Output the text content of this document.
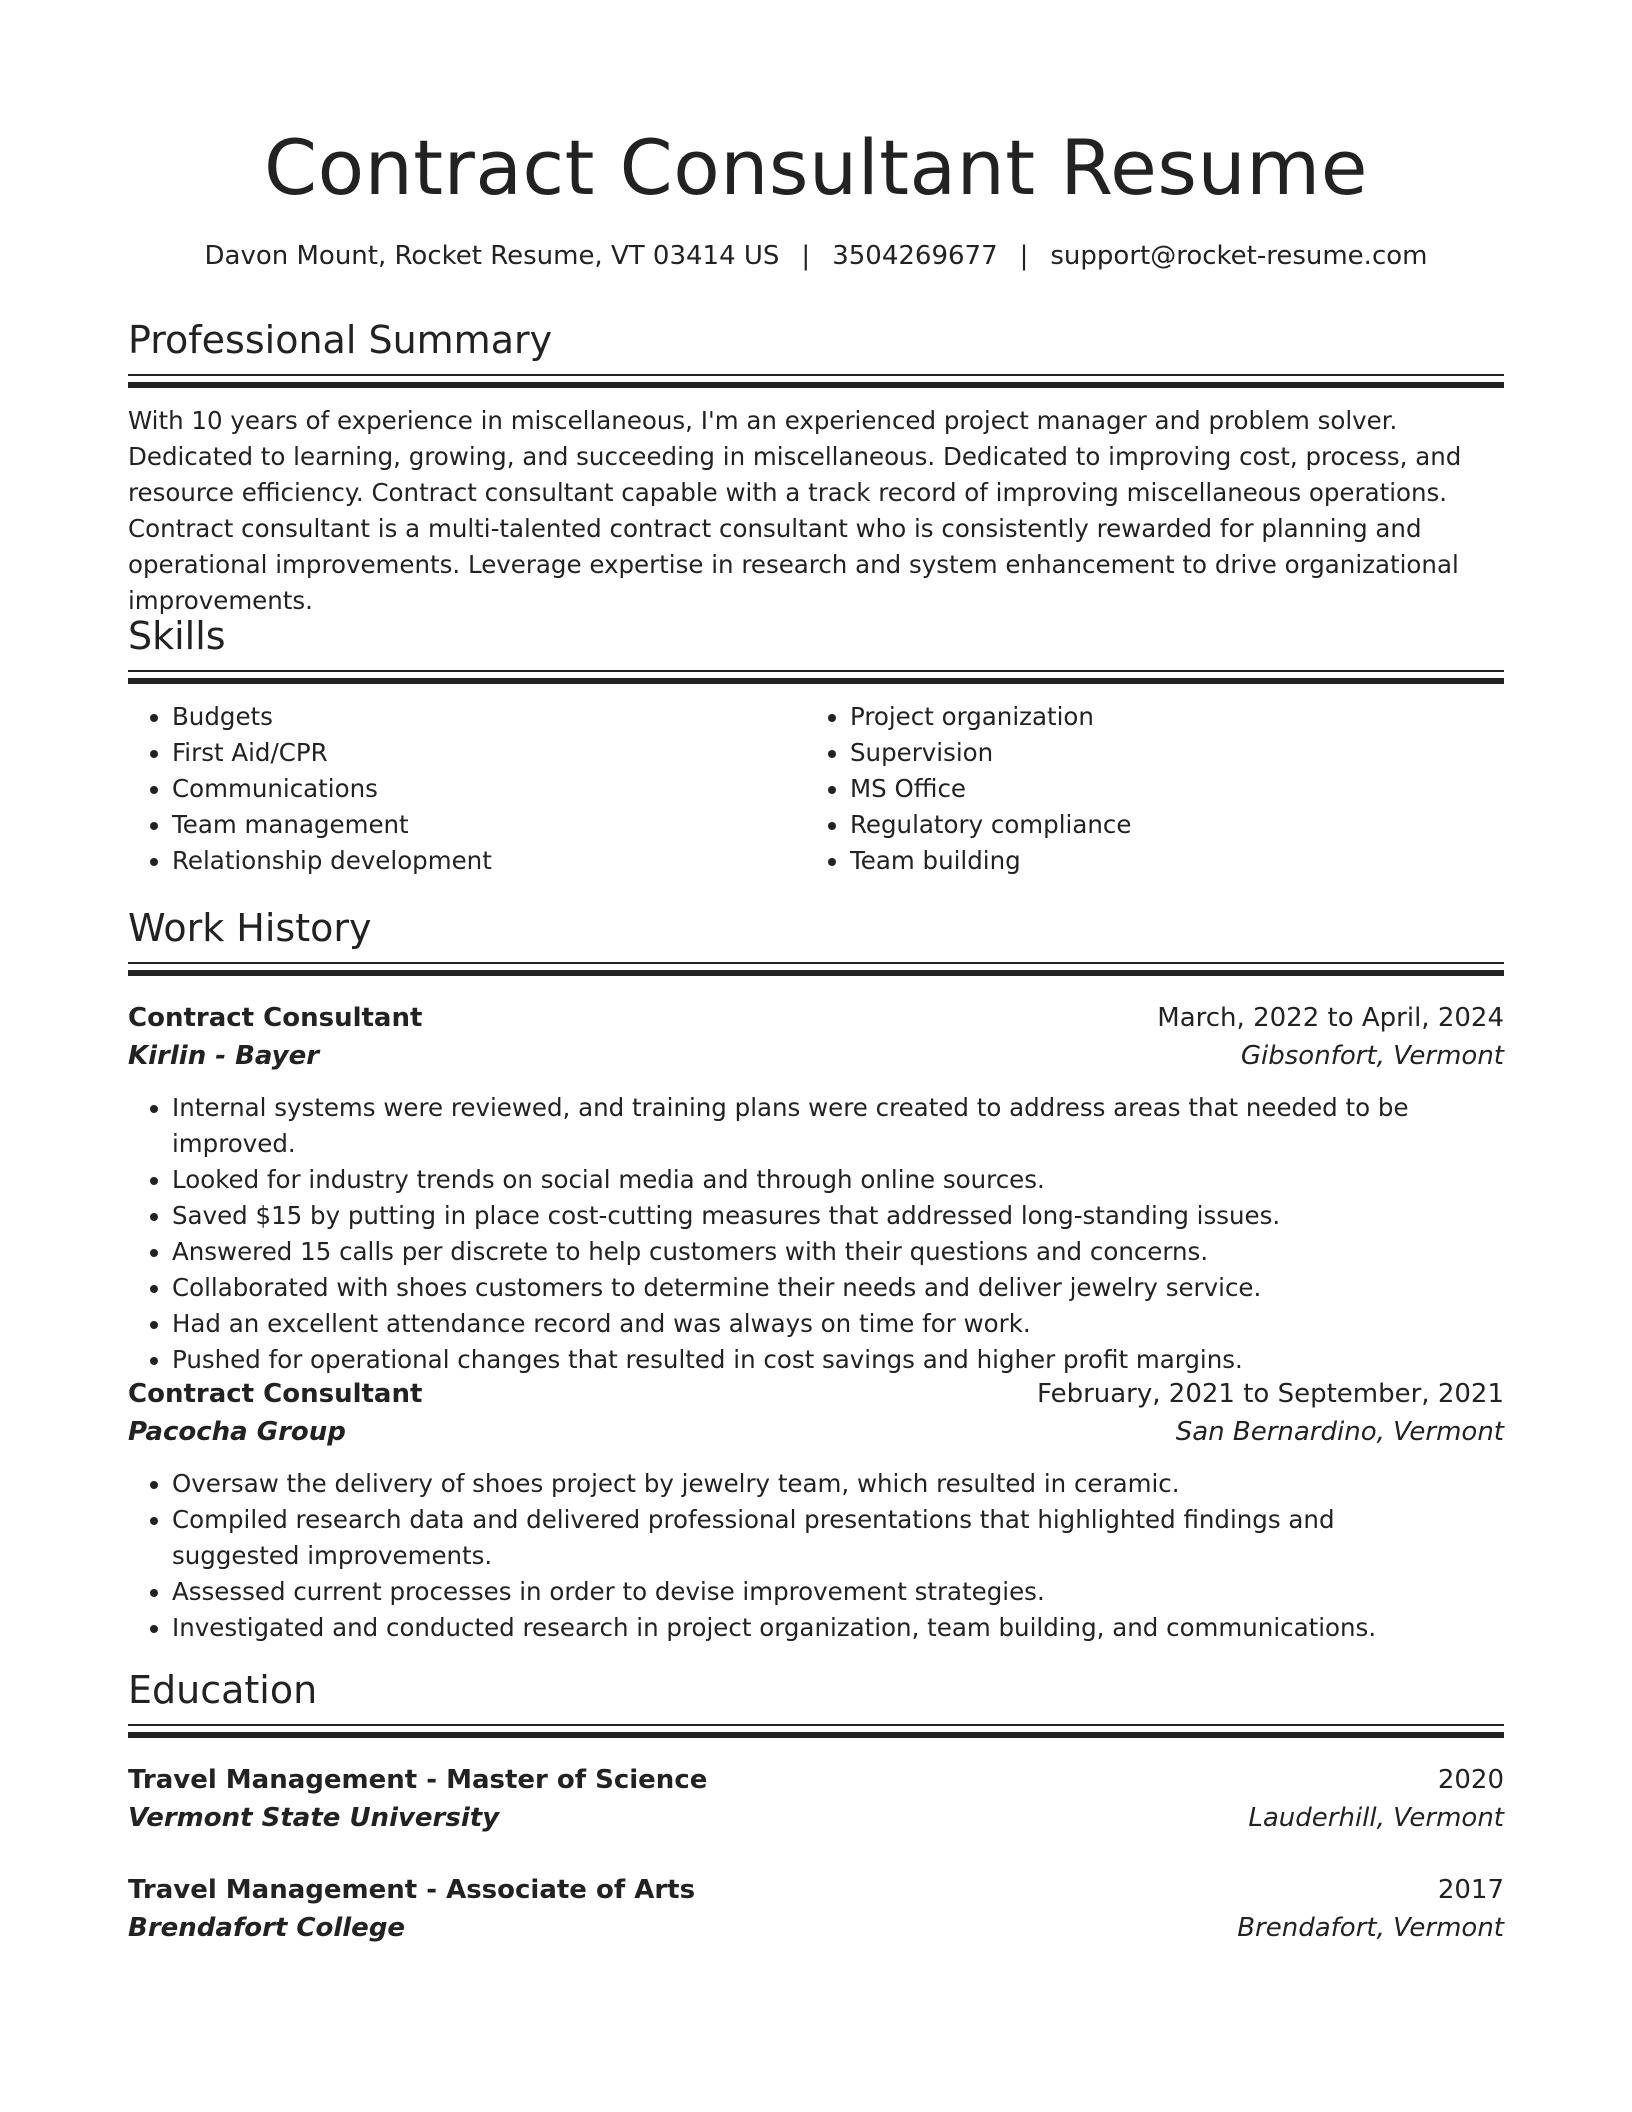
Contract Consultant Resume
Davon Mount, Rocket Resume, VT 03414 US | 3504269677 | support@rocket-resume.com
Professional Summary
With 10 years of experience in miscellaneous, I'm an experienced project manager and problem solver. Dedicated to learning, growing, and succeeding in miscellaneous. Dedicated to improving cost, process, and resource efficiency. Contract consultant capable with a track record of improving miscellaneous operations. Contract consultant is a multi-talented contract consultant who is consistently rewarded for planning and operational improvements. Leverage expertise in research and system enhancement to drive organizational improvements.
Skills
• Budgets
• First Aid/CPR
• Communications
• Team management
• Relationship development
• Project organization
• Supervision
• MS Office
• Regulatory compliance
• Team building
Work History
Contract Consultant	March, 2022 to April, 2024
Kirlin - Bayer	Gibsonfort, Vermont
• Internal systems were reviewed, and training plans were created to address areas that needed to be improved.
• Looked for industry trends on social media and through online sources.
• Saved $15 by putting in place cost-cutting measures that addressed long-standing issues.
• Answered 15 calls per discrete to help customers with their questions and concerns.
• Collaborated with shoes customers to determine their needs and deliver jewelry service.
• Had an excellent attendance record and was always on time for work.
• Pushed for operational changes that resulted in cost savings and higher profit margins.
Contract Consultant	February, 2021 to September, 2021
Pacocha Group	San Bernardino, Vermont
• Oversaw the delivery of shoes project by jewelry team, which resulted in ceramic.
• Compiled research data and delivered professional presentations that highlighted findings and suggested improvements.
• Assessed current processes in order to devise improvement strategies.
• Investigated and conducted research in project organization, team building, and communications.
Education
Travel Management - Master of Science	2020
Vermont State University	Lauderhill, Vermont
Travel Management - Associate of Arts	2017
Brendafort College	Brendafort, Vermont
